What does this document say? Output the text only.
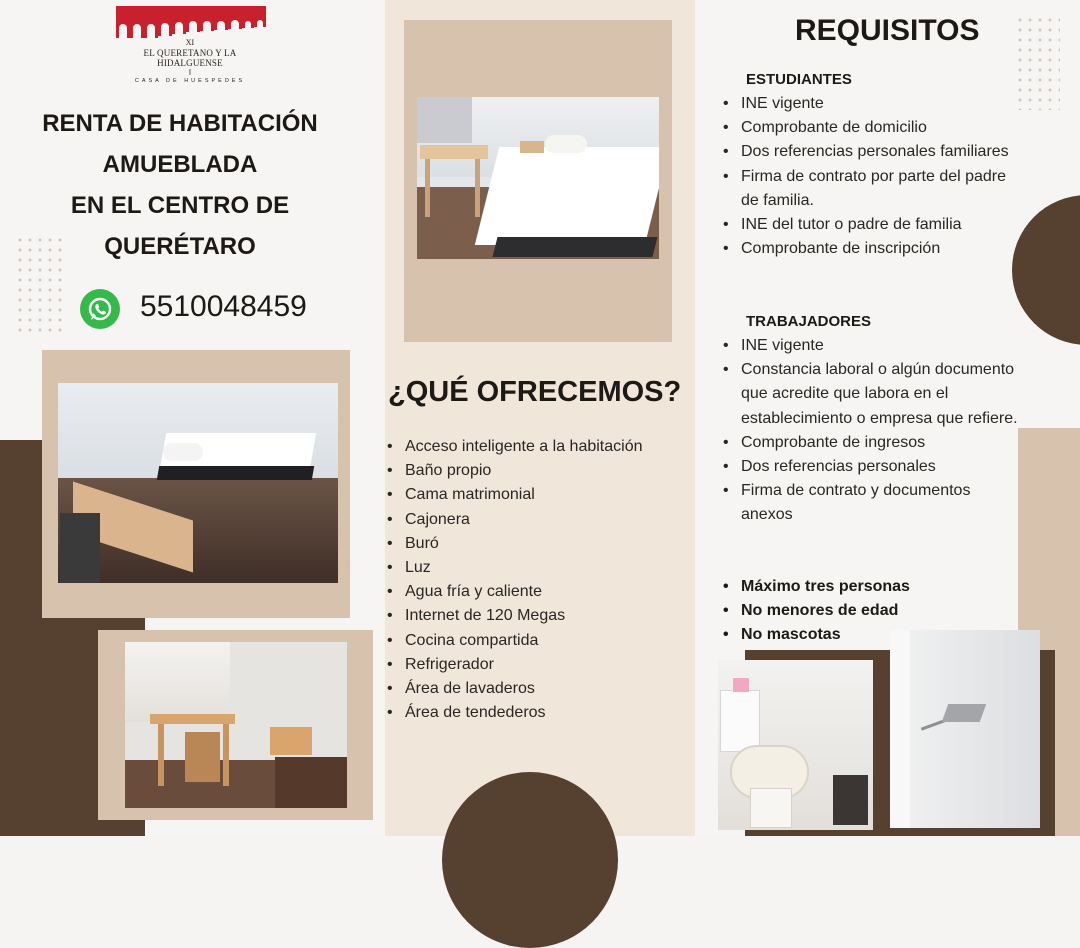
XI
EL QUERETANO Y LA HIDALGUENSE
I
CASA DE HUESPEDES
RENTA DE HABITACIÓN
AMUEBLADA
EN EL CENTRO DE
QUERÉTARO
5510048459
¿QUÉ OFRECEMOS?
• Acceso inteligente a la habitación
• Baño propio
• Cama matrimonial
• Cajonera
• Buró
• Luz
• Agua fría y caliente
• Internet de 120 Megas
• Cocina compartida
• Refrigerador
• Área de lavaderos
• Área de tendederos
REQUISITOS
ESTUDIANTES
• INE vigente
• Comprobante de domicilio
• Dos referencias personales familiares
• Firma de contrato por parte del padre de familia.
• INE del tutor o padre de familia
• Comprobante de inscripción
TRABAJADORES
• INE vigente
• Constancia laboral o algún documento que acredite que labora en el establecimiento o empresa que refiere.
• Comprobante de ingresos
• Dos referencias personales
• Firma de contrato y documentos anexos
• Máximo tres personas
• No menores de edad
• No mascotas
